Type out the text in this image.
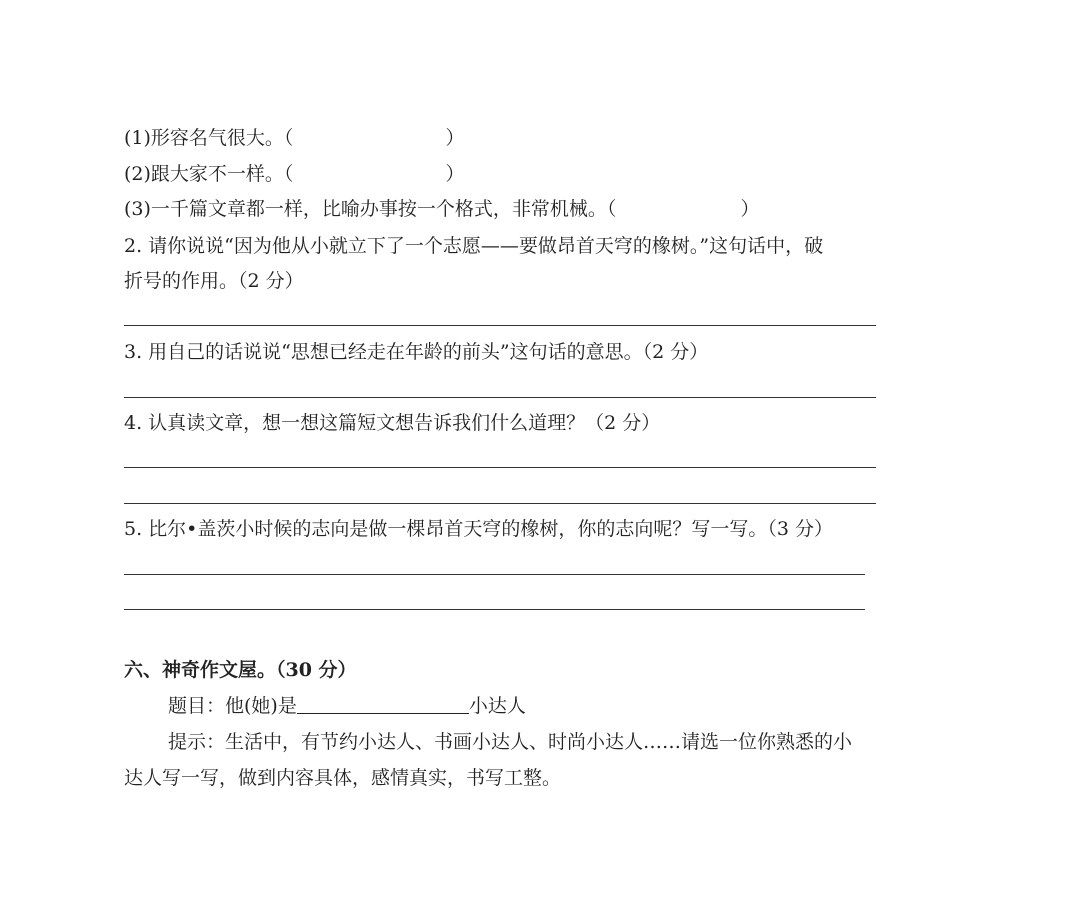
(1)形容名气很大。（	）
(2)跟大家不一样。（	）
(3)一千篇文章都一样，比喻办事按一个格式，非常机械。（	）
2. 请你说说“因为他从小就立下了一个志愿——要做昂首天穹的橡树。”这句话中，破
折号的作用。（2 分）
3. 用自己的话说说“思想已经走在年龄的前头”这句话的意思。（2 分）
4. 认真读文章，想一想这篇短文想告诉我们什么道理？（2 分）
5. 比尔•盖茨小时候的志向是做一棵昂首天穹的橡树，你的志向呢？写一写。（3 分）
六、神奇作文屋。（30 分）
题目：他(她)是	小达人
提示：生活中，有节约小达人、书画小达人、时尚小达人……请选一位你熟悉的小
达人写一写，做到内容具体，感情真实，书写工整。
